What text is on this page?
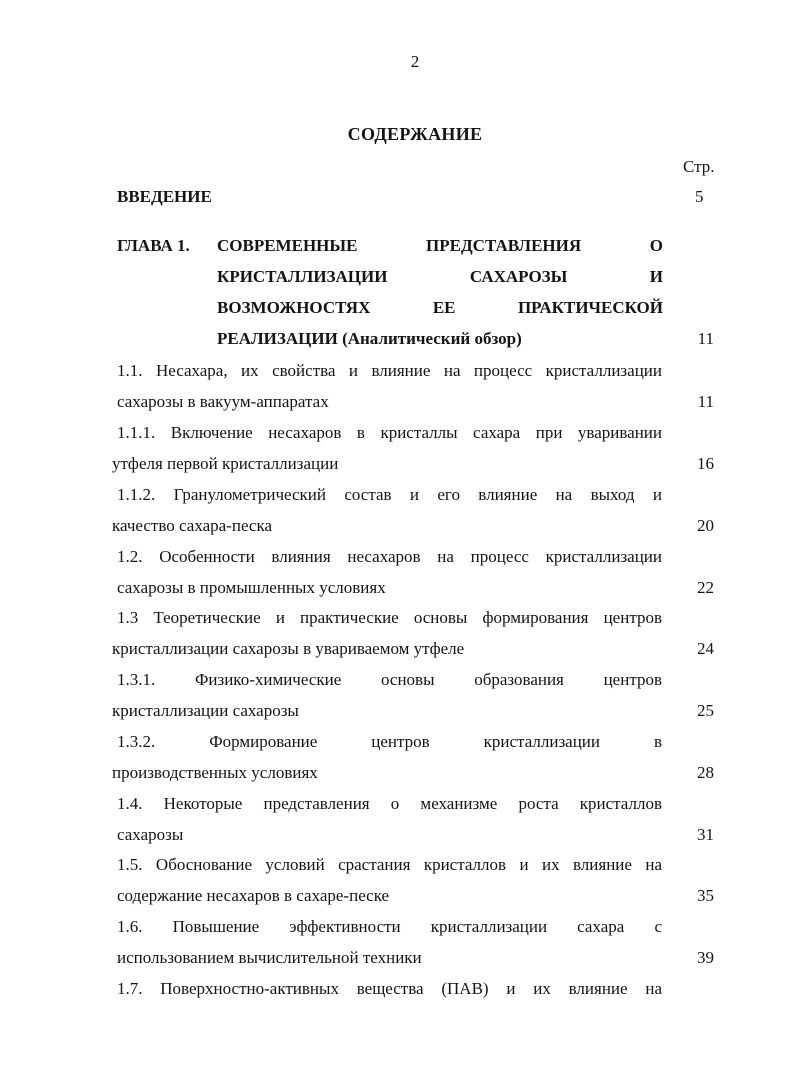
2
СОДЕРЖАНИЕ
Стр.
ВВЕДЕНИЕ	5
ГЛАВА 1. СОВРЕМЕННЫЕ ПРЕДСТАВЛЕНИЯ О
КРИСТАЛЛИЗАЦИИ САХАРОЗЫ И
ВОЗМОЖНОСТЯХ ЕЕ ПРАКТИЧЕСКОЙ
РЕАЛИЗАЦИИ (Аналитический обзор)	11
1.1. Несахара, их свойства и влияние на процесс кристаллизации
сахарозы в вакуум-аппаратах	11
1.1.1. Включение несахаров в кристаллы сахара при уваривании
утфеля первой кристаллизации	16
1.1.2. Гранулометрический состав и его влияние на выход и
качество сахара-песка	20
1.2. Особенности влияния несахаров на процесс кристаллизации
сахарозы в промышленных условиях	22
1.3 Теоретические и практические основы формирования центров
кристаллизации сахарозы в увариваемом утфеле	24
1.3.1. Физико-химические основы образования центров
кристаллизации сахарозы	25
1.3.2. Формирование центров кристаллизации в
производственных условиях	28
1.4. Некоторые представления о механизме роста кристаллов
сахарозы	31
1.5. Обоснование условий срастания кристаллов и их влияние на
содержание несахаров в сахаре-песке	35
1.6. Повышение эффективности кристаллизации сахара с
использованием вычислительной техники	39
1.7. Поверхностно-активных вещества (ПАВ) и их влияние на
